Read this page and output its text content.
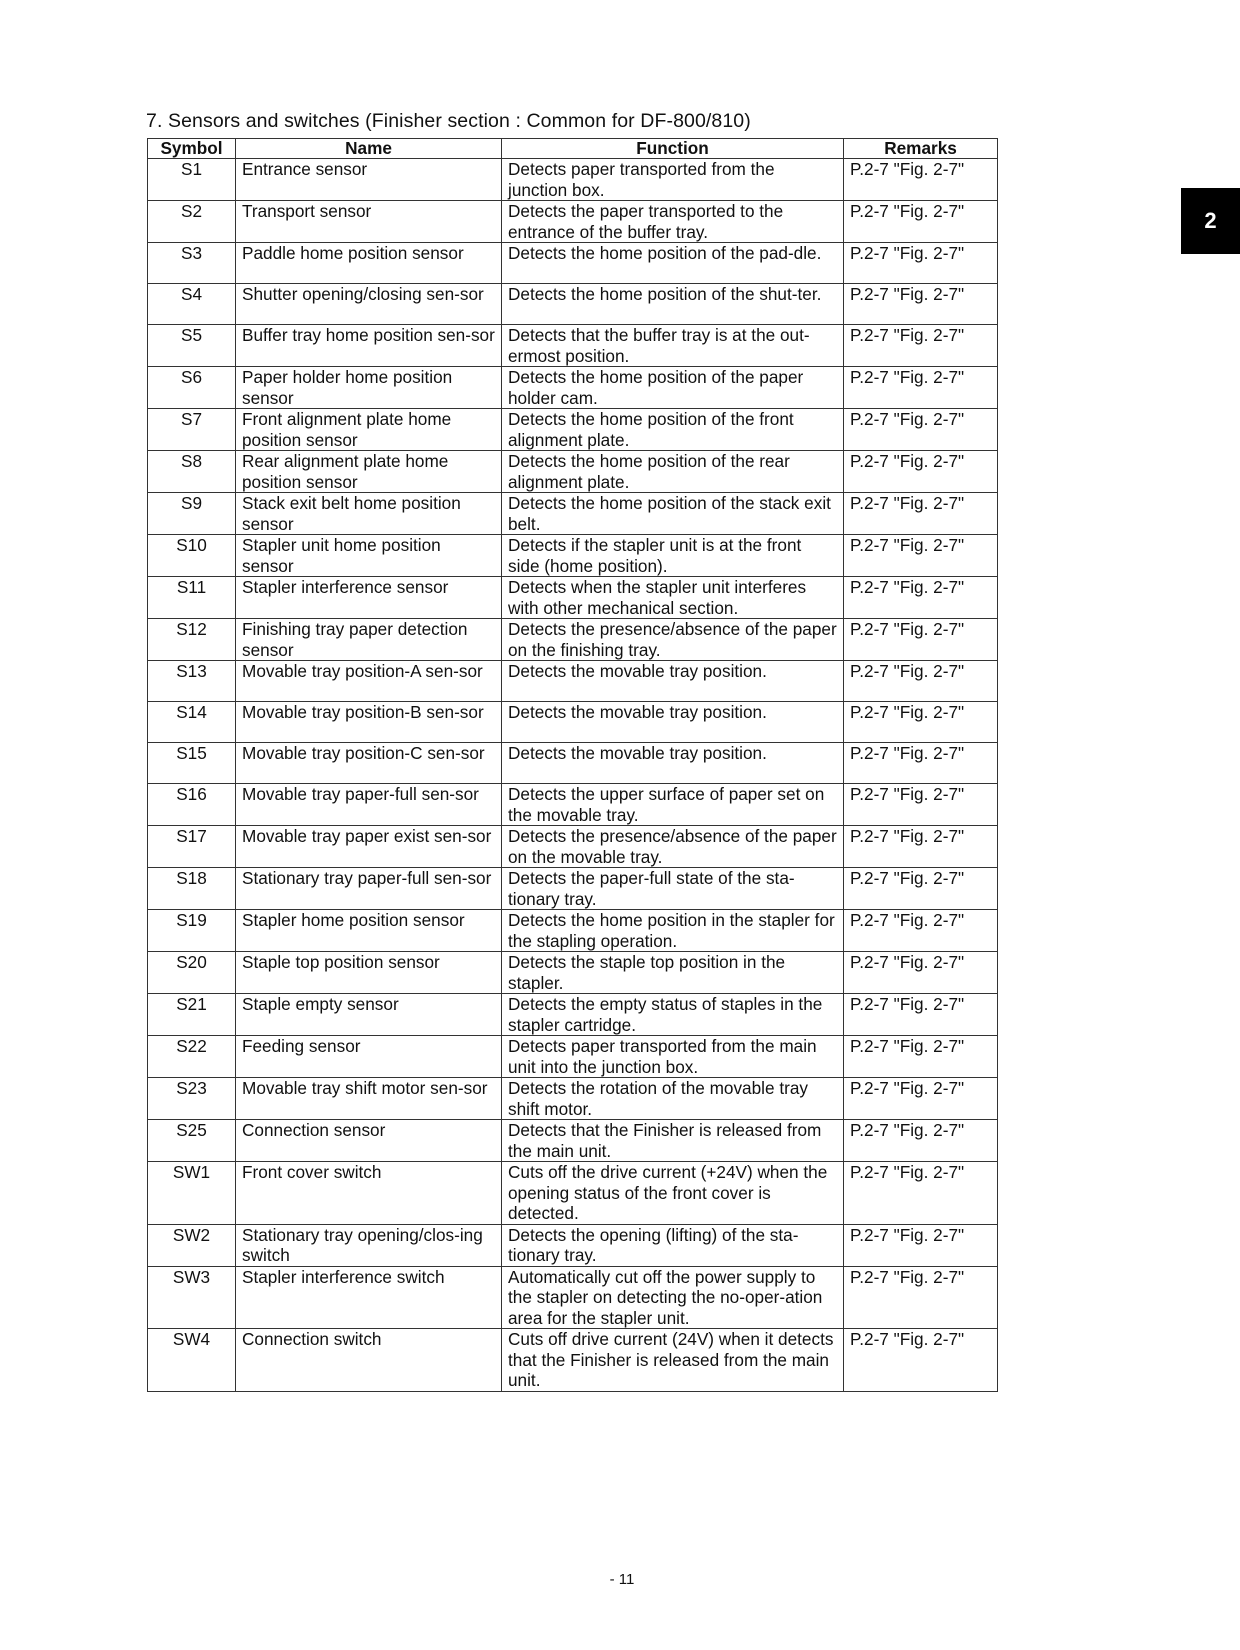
7. Sensors and switches (Finisher section : Common for DF-800/810)
2
Symbol	Name	Function	Remarks
S1	Entrance sensor	Detects paper transported from the junction box.	P.2-7 "Fig. 2-7"
S2	Transport sensor	Detects the paper transported to the entrance of the buffer tray.	P.2-7 "Fig. 2-7"
S3	Paddle home position sensor	Detects the home position of the pad-dle.	P.2-7 "Fig. 2-7"
S4	Shutter opening/closing sen-sor	Detects the home position of the shut-ter.	P.2-7 "Fig. 2-7"
S5	Buffer tray home position sen-sor	Detects that the buffer tray is at the out-ermost position.	P.2-7 "Fig. 2-7"
S6	Paper holder home position sensor	Detects the home position of the paper holder cam.	P.2-7 "Fig. 2-7"
S7	Front alignment plate home position sensor	Detects the home position of the front alignment plate.	P.2-7 "Fig. 2-7"
S8	Rear alignment plate home position sensor	Detects the home position of the rear alignment plate.	P.2-7 "Fig. 2-7"
S9	Stack exit belt home position sensor	Detects the home position of the stack exit belt.	P.2-7 "Fig. 2-7"
S10	Stapler unit home position sensor	Detects if the stapler unit is at the front side (home position).	P.2-7 "Fig. 2-7"
S11	Stapler interference sensor	Detects when the stapler unit interferes with other mechanical section.	P.2-7 "Fig. 2-7"
S12	Finishing tray paper detection sensor	Detects the presence/absence of the paper on the finishing tray.	P.2-7 "Fig. 2-7"
S13	Movable tray position-A sen-sor	Detects the movable tray position.	P.2-7 "Fig. 2-7"
S14	Movable tray position-B sen-sor	Detects the movable tray position.	P.2-7 "Fig. 2-7"
S15	Movable tray position-C sen-sor	Detects the movable tray position.	P.2-7 "Fig. 2-7"
S16	Movable tray paper-full sen-sor	Detects the upper surface of paper set on the movable tray.	P.2-7 "Fig. 2-7"
S17	Movable tray paper exist sen-sor	Detects the presence/absence of the paper on the movable tray.	P.2-7 "Fig. 2-7"
S18	Stationary tray paper-full sen-sor	Detects the paper-full state of the sta-tionary tray.	P.2-7 "Fig. 2-7"
S19	Stapler home position sensor	Detects the home position in the stapler for the stapling operation.	P.2-7 "Fig. 2-7"
S20	Staple top position sensor	Detects the staple top position in the stapler.	P.2-7 "Fig. 2-7"
S21	Staple empty sensor	Detects the empty status of staples in the stapler cartridge.	P.2-7 "Fig. 2-7"
S22	Feeding sensor	Detects paper transported from the main unit into the junction box.	P.2-7 "Fig. 2-7"
S23	Movable tray shift motor sen-sor	Detects the rotation of the movable tray shift motor.	P.2-7 "Fig. 2-7"
S25	Connection sensor	Detects that the Finisher is released from the main unit.	P.2-7 "Fig. 2-7"
SW1	Front cover switch	Cuts off the drive current (+24V) when the opening status of the front cover is detected.	P.2-7 "Fig. 2-7"
SW2	Stationary tray opening/clos-ing switch	Detects the opening (lifting) of the sta-tionary tray.	P.2-7 "Fig. 2-7"
SW3	Stapler interference switch	Automatically cut off the power supply to the stapler on detecting the no-oper-ation area for the stapler unit.	P.2-7 "Fig. 2-7"
SW4	Connection switch	Cuts off drive current (24V) when it detects that the Finisher is released from the main unit.	P.2-7 "Fig. 2-7"
- 11
